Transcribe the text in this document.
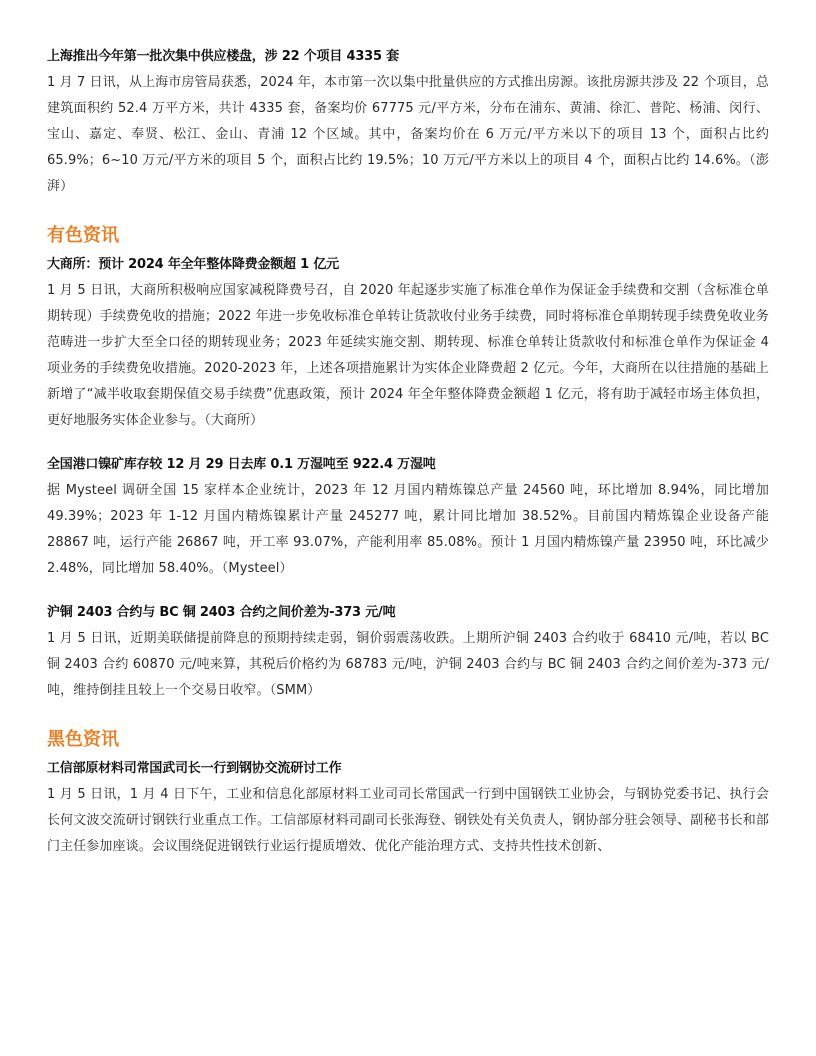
上海推出今年第一批次集中供应楼盘，涉 22 个项目 4335 套

1 月 7 日讯，从上海市房管局获悉，2024 年，本市第一次以集中批量供应的方式推出房源。该批房源共涉及 22 个项目，总建筑面积约 52.4 万平方米，共计 4335 套，备案均价 67775 元/平方米，分布在浦东、黄浦、徐汇、普陀、杨浦、闵行、宝山、嘉定、奉贤、松江、金山、青浦 12 个区域。其中，备案均价在 6 万元/平方米以下的项目 13 个，面积占比约 65.9%；6~10 万元/平方米的项目 5 个，面积占比约 19.5%；10 万元/平方米以上的项目 4 个，面积占比约 14.6%。（澎湃）

有色资讯
大商所：预计 2024 年全年整体降费金额超 1 亿元

1 月 5 日讯，大商所积极响应国家减税降费号召，自 2020 年起逐步实施了标准仓单作为保证金手续费和交割（含标准仓单期转现）手续费免收的措施；2022 年进一步免收标准仓单转让货款收付业务手续费，同时将标准仓单期转现手续费免收业务范畴进一步扩大至全口径的期转现业务；2023 年延续实施交割、期转现、标准仓单转让货款收付和标准仓单作为保证金 4 项业务的手续费免收措施。2020-2023 年，上述各项措施累计为实体企业降费超 2 亿元。今年，大商所在以往措施的基础上新增了“减半收取套期保值交易手续费”优惠政策，预计 2024 年全年整体降费金额超 1 亿元，将有助于减轻市场主体负担，更好地服务实体企业参与。（大商所）

全国港口镍矿库存较 12 月 29 日去库 0.1 万湿吨至 922.4 万湿吨

据 Mysteel 调研全国 15 家样本企业统计，2023 年 12 月国内精炼镍总产量 24560 吨，环比增加 8.94%，同比增加 49.39%；2023 年 1-12 月国内精炼镍累计产量 245277 吨，累计同比增加 38.52%。目前国内精炼镍企业设备产能 28867 吨，运行产能 26867 吨，开工率 93.07%，产能利用率 85.08%。预计 1 月国内精炼镍产量 23950 吨，环比减少 2.48%，同比增加 58.40%。（Mysteel）

沪铜 2403 合约与 BC 铜 2403 合约之间价差为-373 元/吨

1 月 5 日讯，近期美联储提前降息的预期持续走弱，铜价弱震荡收跌。上期所沪铜 2403 合约收于 68410 元/吨，若以 BC 铜 2403 合约 60870 元/吨来算，其税后价格约为 68783 元/吨，沪铜 2403 合约与 BC 铜 2403 合约之间价差为-373 元/吨，维持倒挂且较上一个交易日收窄。（SMM）

黑色资讯
工信部原材料司常国武司长一行到钢协交流研讨工作

1 月 5 日讯，1 月 4 日下午，工业和信息化部原材料工业司司长常国武一行到中国钢铁工业协会，与钢协党委书记、执行会长何文波交流研讨钢铁行业重点工作。工信部原材料司副司长张海登、钢铁处有关负责人，钢协部分驻会领导、副秘书长和部门主任参加座谈。会议围绕促进钢铁行业运行提质增效、优化产能治理方式、支持共性技术创新、
